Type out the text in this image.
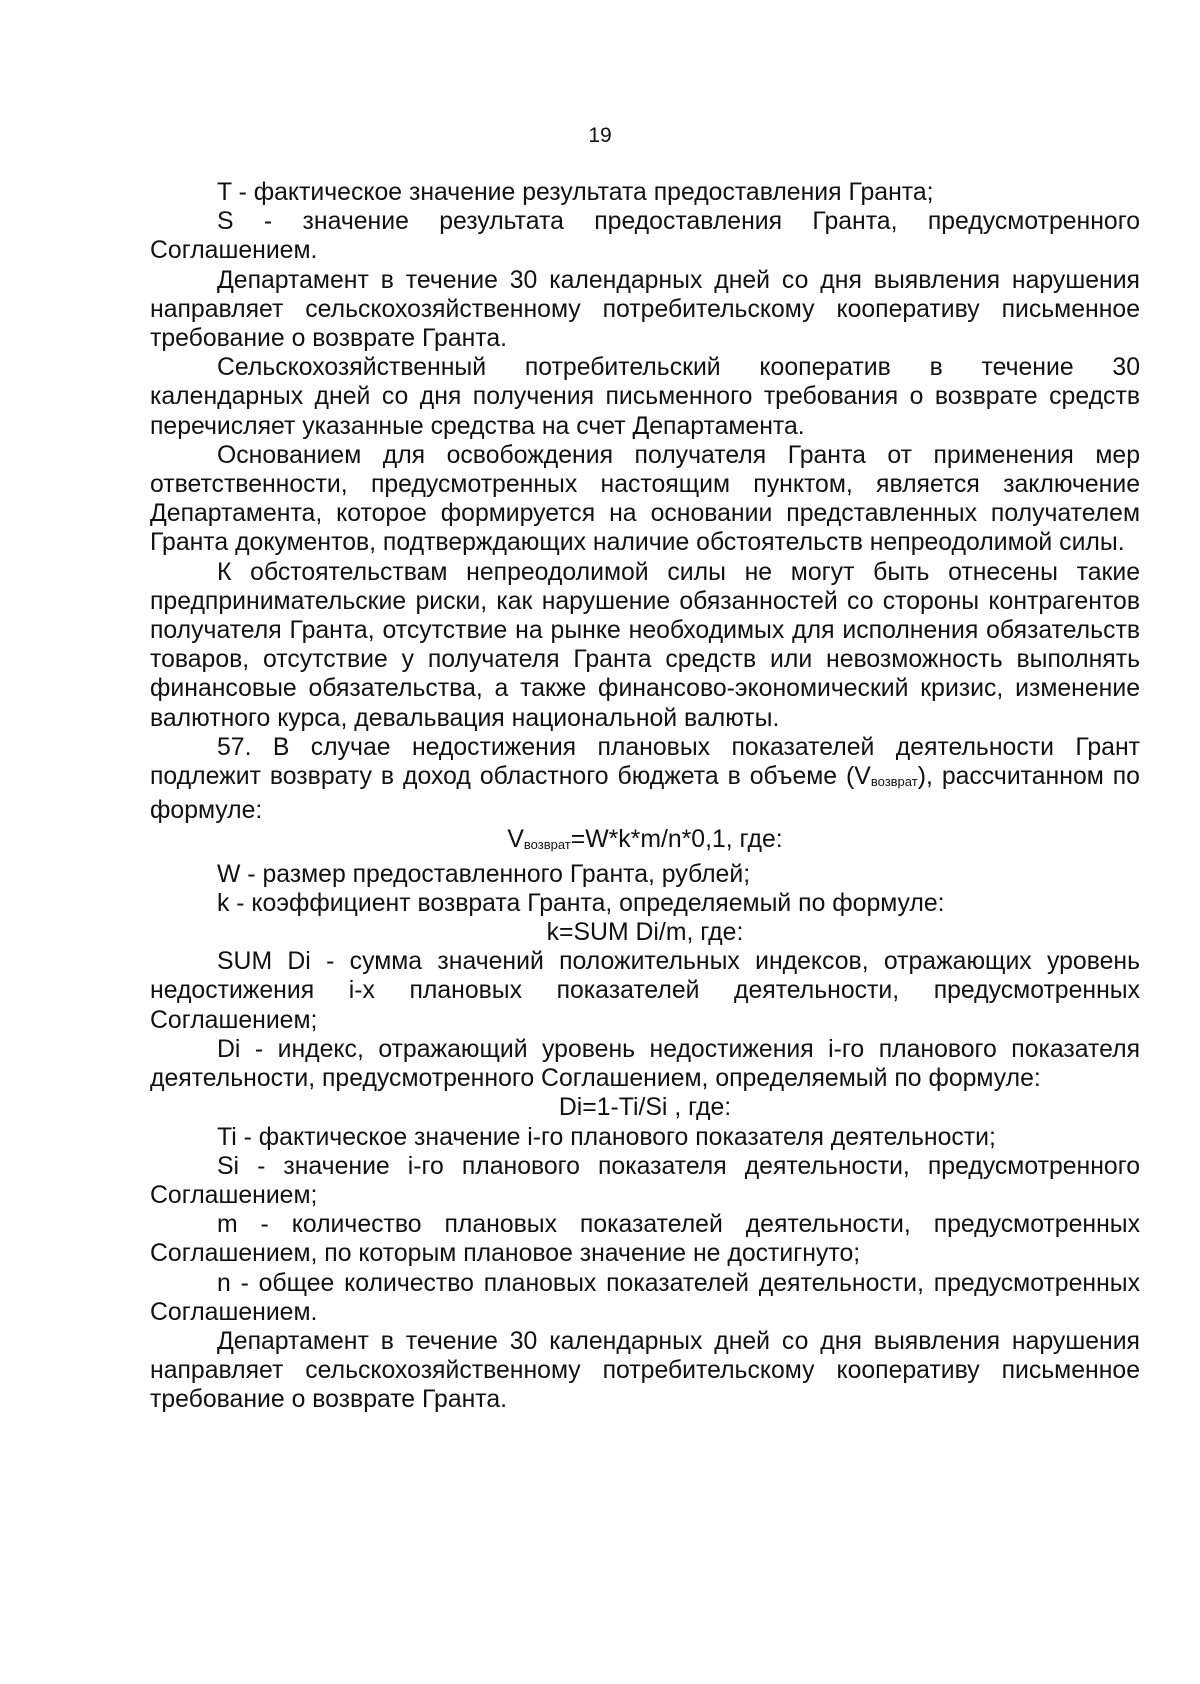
19

T - фактическое значение результата предоставления Гранта;

S - значение результата предоставления Гранта, предусмотренного Соглашением.

Департамент в течение 30 календарных дней со дня выявления нарушения направляет сельскохозяйственному потребительскому кооперативу письменное требование о возврате Гранта.

Сельскохозяйственный потребительский кооператив в течение 30 календарных дней со дня получения письменного требования о возврате средств перечисляет указанные средства на счет Департамента.

Основанием для освобождения получателя Гранта от применения мер ответственности, предусмотренных настоящим пунктом, является заключение Департамента, которое формируется на основании представленных получателем Гранта документов, подтверждающих наличие обстоятельств непреодолимой силы.

К обстоятельствам непреодолимой силы не могут быть отнесены такие предпринимательские риски, как нарушение обязанностей со стороны контрагентов получателя Гранта, отсутствие на рынке необходимых для исполнения обязательств товаров, отсутствие у получателя Гранта средств или невозможность выполнять финансовые обязательства, а также финансово-экономический кризис, изменение валютного курса, девальвация национальной валюты.

57. В случае недостижения плановых показателей деятельности Грант подлежит возврату в доход областного бюджета в объеме (Vвозврат), рассчитанном по формуле:

Vвозврат=W*k*m/n*0,1, где:

W - размер предоставленного Гранта, рублей;

k - коэффициент возврата Гранта, определяемый по формуле:

k=SUM Di/m, где:

SUM Di - сумма значений положительных индексов, отражающих уровень недостижения i-x плановых показателей деятельности, предусмотренных Соглашением;

Di - индекс, отражающий уровень недостижения i-го планового показателя деятельности, предусмотренного Соглашением, определяемый по формуле:

Di=1-Ti/Si , где:

Ti - фактическое значение i-го планового показателя деятельности;

Si - значение i-го планового показателя деятельности, предусмотренного Соглашением;

m - количество плановых показателей деятельности, предусмотренных Соглашением, по которым плановое значение не достигнуто;

n - общее количество плановых показателей деятельности, предусмотренных Соглашением.

Департамент в течение 30 календарных дней со дня выявления нарушения направляет сельскохозяйственному потребительскому кооперативу письменное требование о возврате Гранта.
